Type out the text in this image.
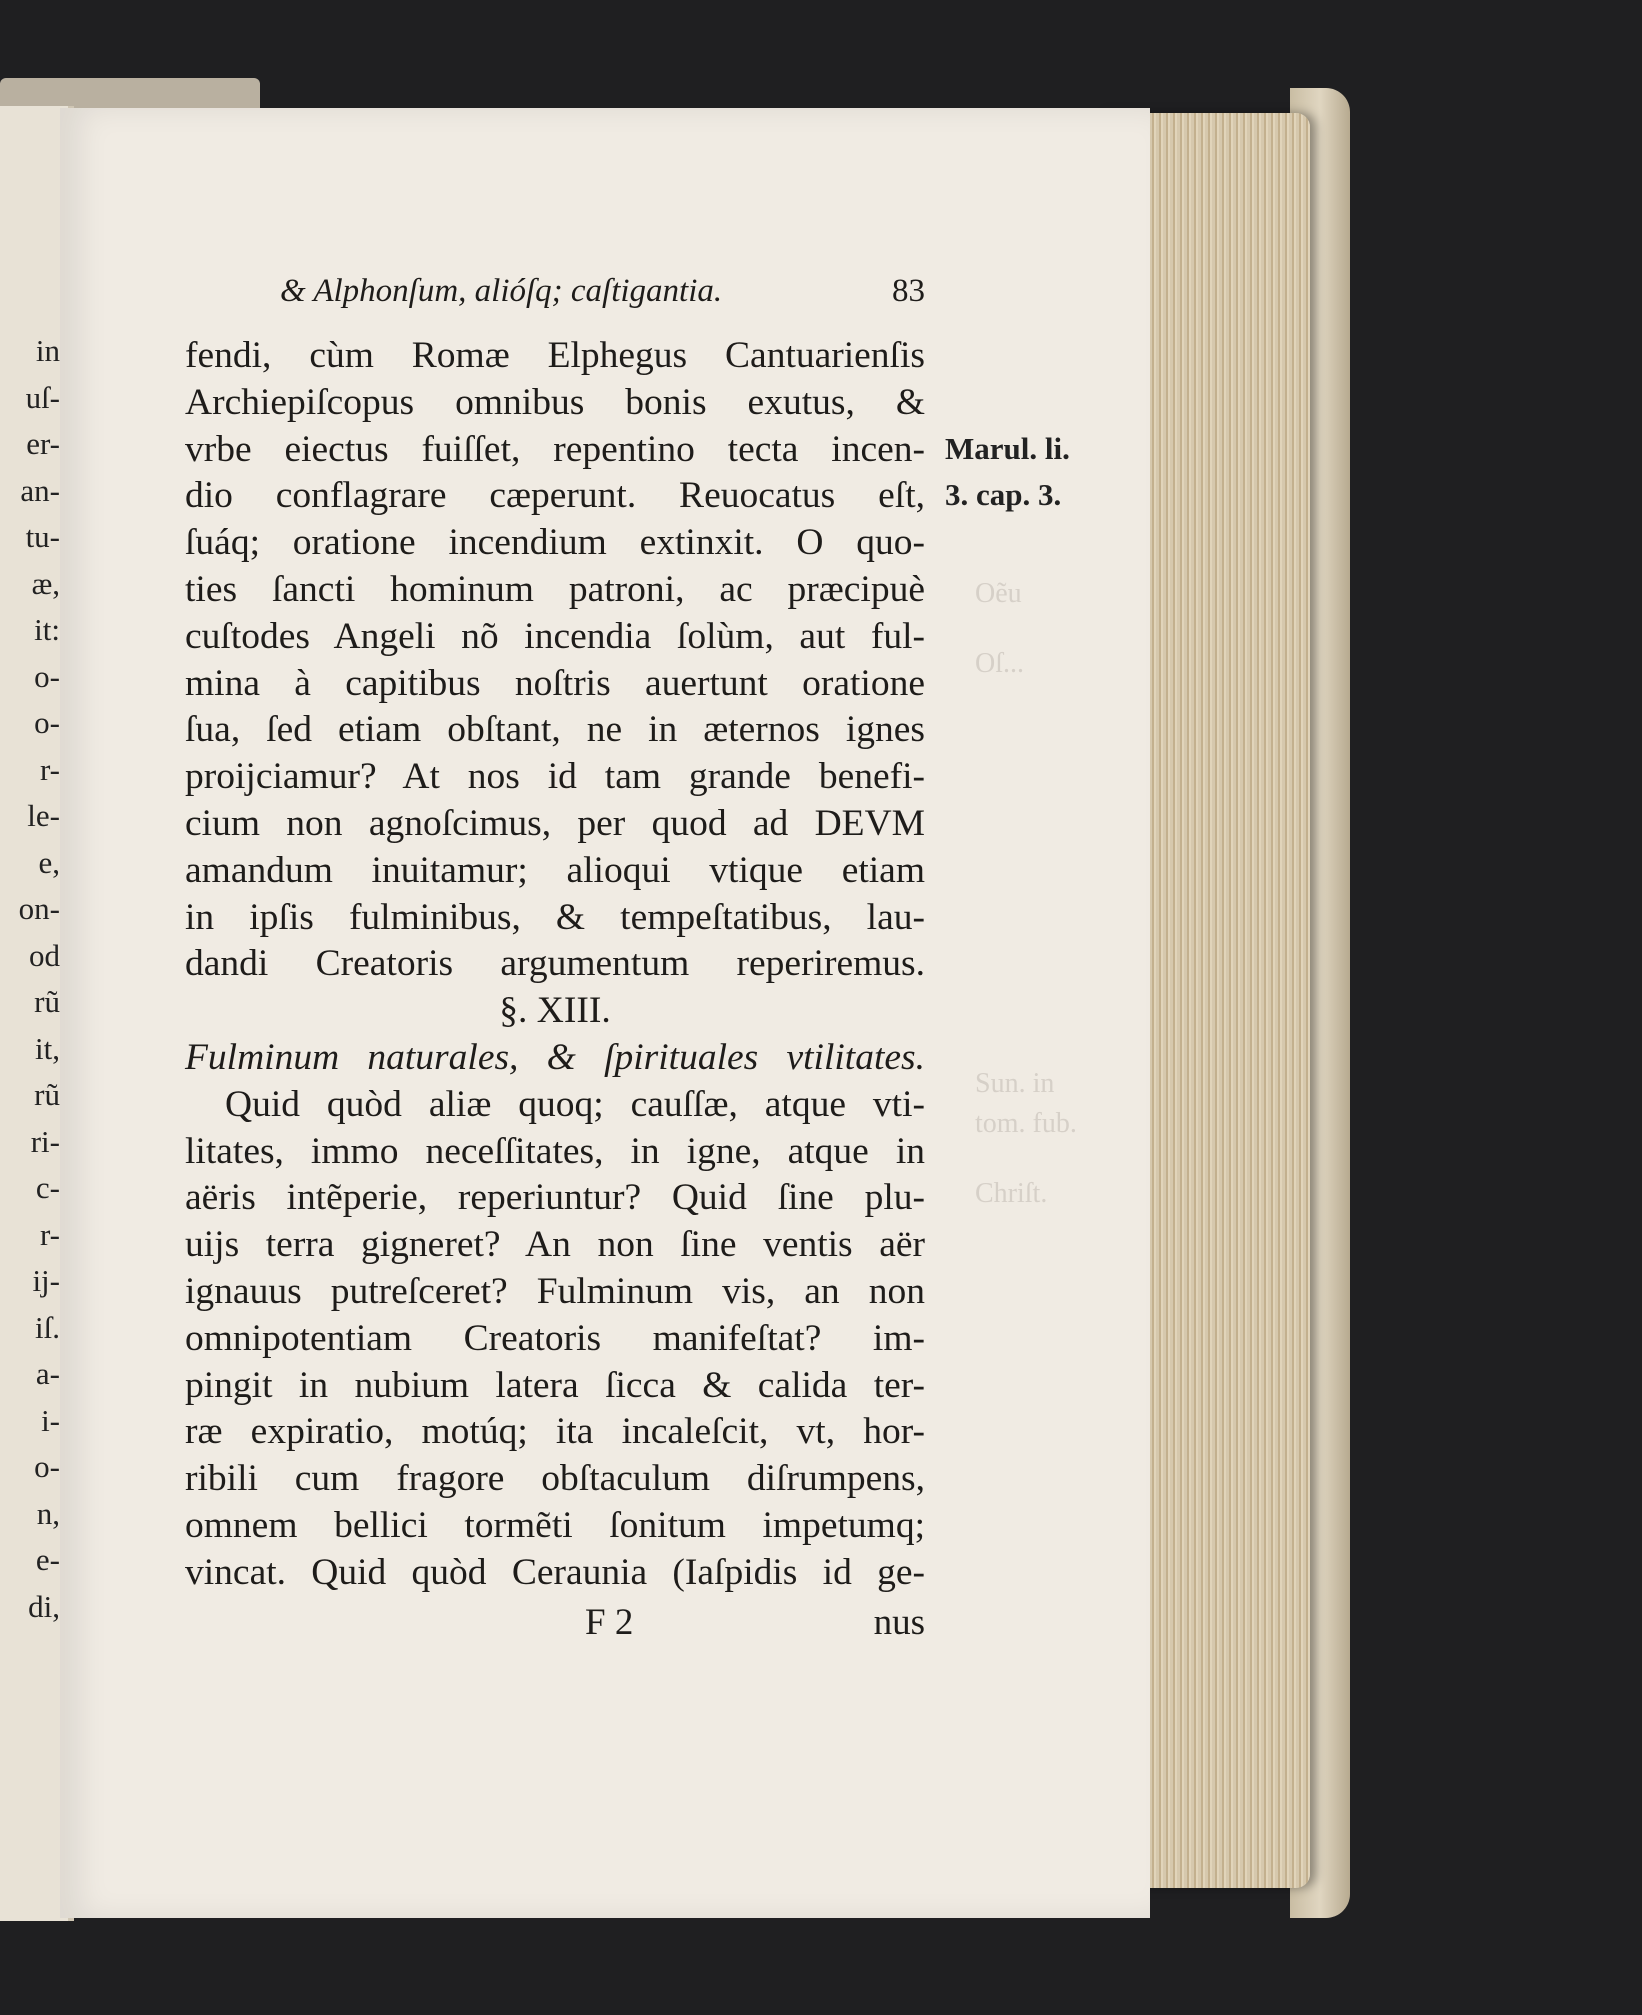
in
uſ-
er-
an-
tu-
æ,
it:
o-
o-
r-
le-
e,
on-
od
rũ
it,
rũ
ri-
c-
r-
ij-
iſ.
a-
i-
o-
n,
e-
di,
Oẽu
Oſ...
Sun. in
tom. fub.
Chriſt.
Marul. li.
3. cap. 3.
& Alphonſum, alióſq; caſtigantia.	83
fendi, cùm Romæ Elphegus Cantuarienſis
Archiepiſcopus omnibus bonis exutus, &
vrbe eiectus fuiſſet, repentino tecta incen-
dio conflagrare cæperunt. Reuocatus eſt,
ſuáq; oratione incendium extinxit. O quo-
ties ſancti hominum patroni, ac præcipuè
cuſtodes Angeli nõ incendia ſolùm, aut ful-
mina à capitibus noſtris auertunt oratione
ſua, ſed etiam obſtant, ne in æternos ignes
proijciamur? At nos id tam grande benefi-
cium non agnoſcimus, per quod ad DEVM
amandum inuitamur; alioqui vtique etiam
in ipſis fulminibus, & tempeſtatibus, lau-
dandi Creatoris argumentum reperiremus.
§. XIII.
Fulminum naturales, & ſpirituales vtilitates.
Quid quòd aliæ quoq; cauſſæ, atque vti-
litates, immo neceſſitates, in igne, atque in
aëris intẽperie, reperiuntur? Quid ſine plu-
uijs terra gigneret? An non ſine ventis aër
ignauus putreſceret? Fulminum vis, an non
omnipotentiam Creatoris manifeſtat? im-
pingit in nubium latera ſicca & calida ter-
ræ expiratio, motúq; ita incaleſcit, vt, hor-
ribili cum fragore obſtaculum diſrumpens,
omnem bellici tormẽti ſonitum impetumq;
vincat. Quid quòd Ceraunia (Iaſpidis id ge-
F 2	nus
